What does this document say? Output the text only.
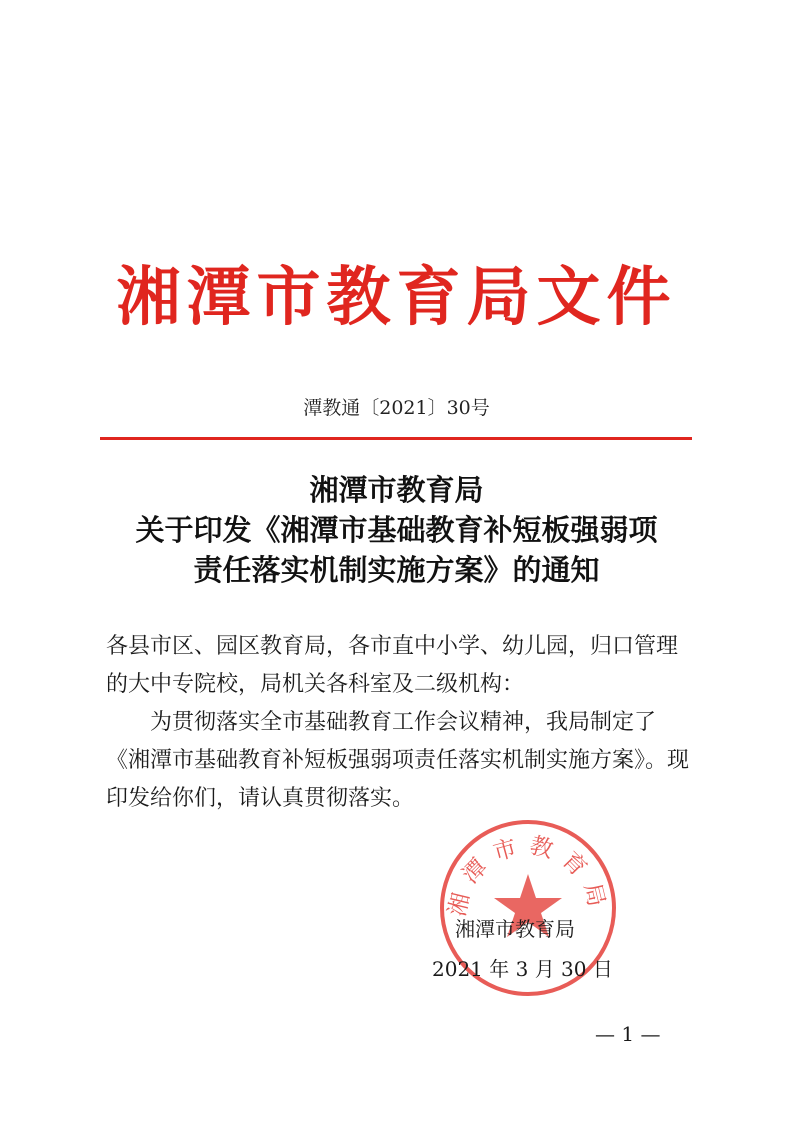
湘潭市教育局文件
潭教通〔2021〕30号
湘潭市教育局
关于印发《湘潭市基础教育补短板强弱项
责任落实机制实施方案》的通知

各县市区、园区教育局，各市直中小学、幼儿园，归口管理的大中专院校，局机关各科室及二级机构：

为贯彻落实全市基础教育工作会议精神，我局制定了《湘潭市基础教育补短板强弱项责任落实机制实施方案》。现印发给你们，请认真贯彻落实。

湘潭市教育局
湘潭市教育局
2021 年 3 月 30 日
— 1 —
